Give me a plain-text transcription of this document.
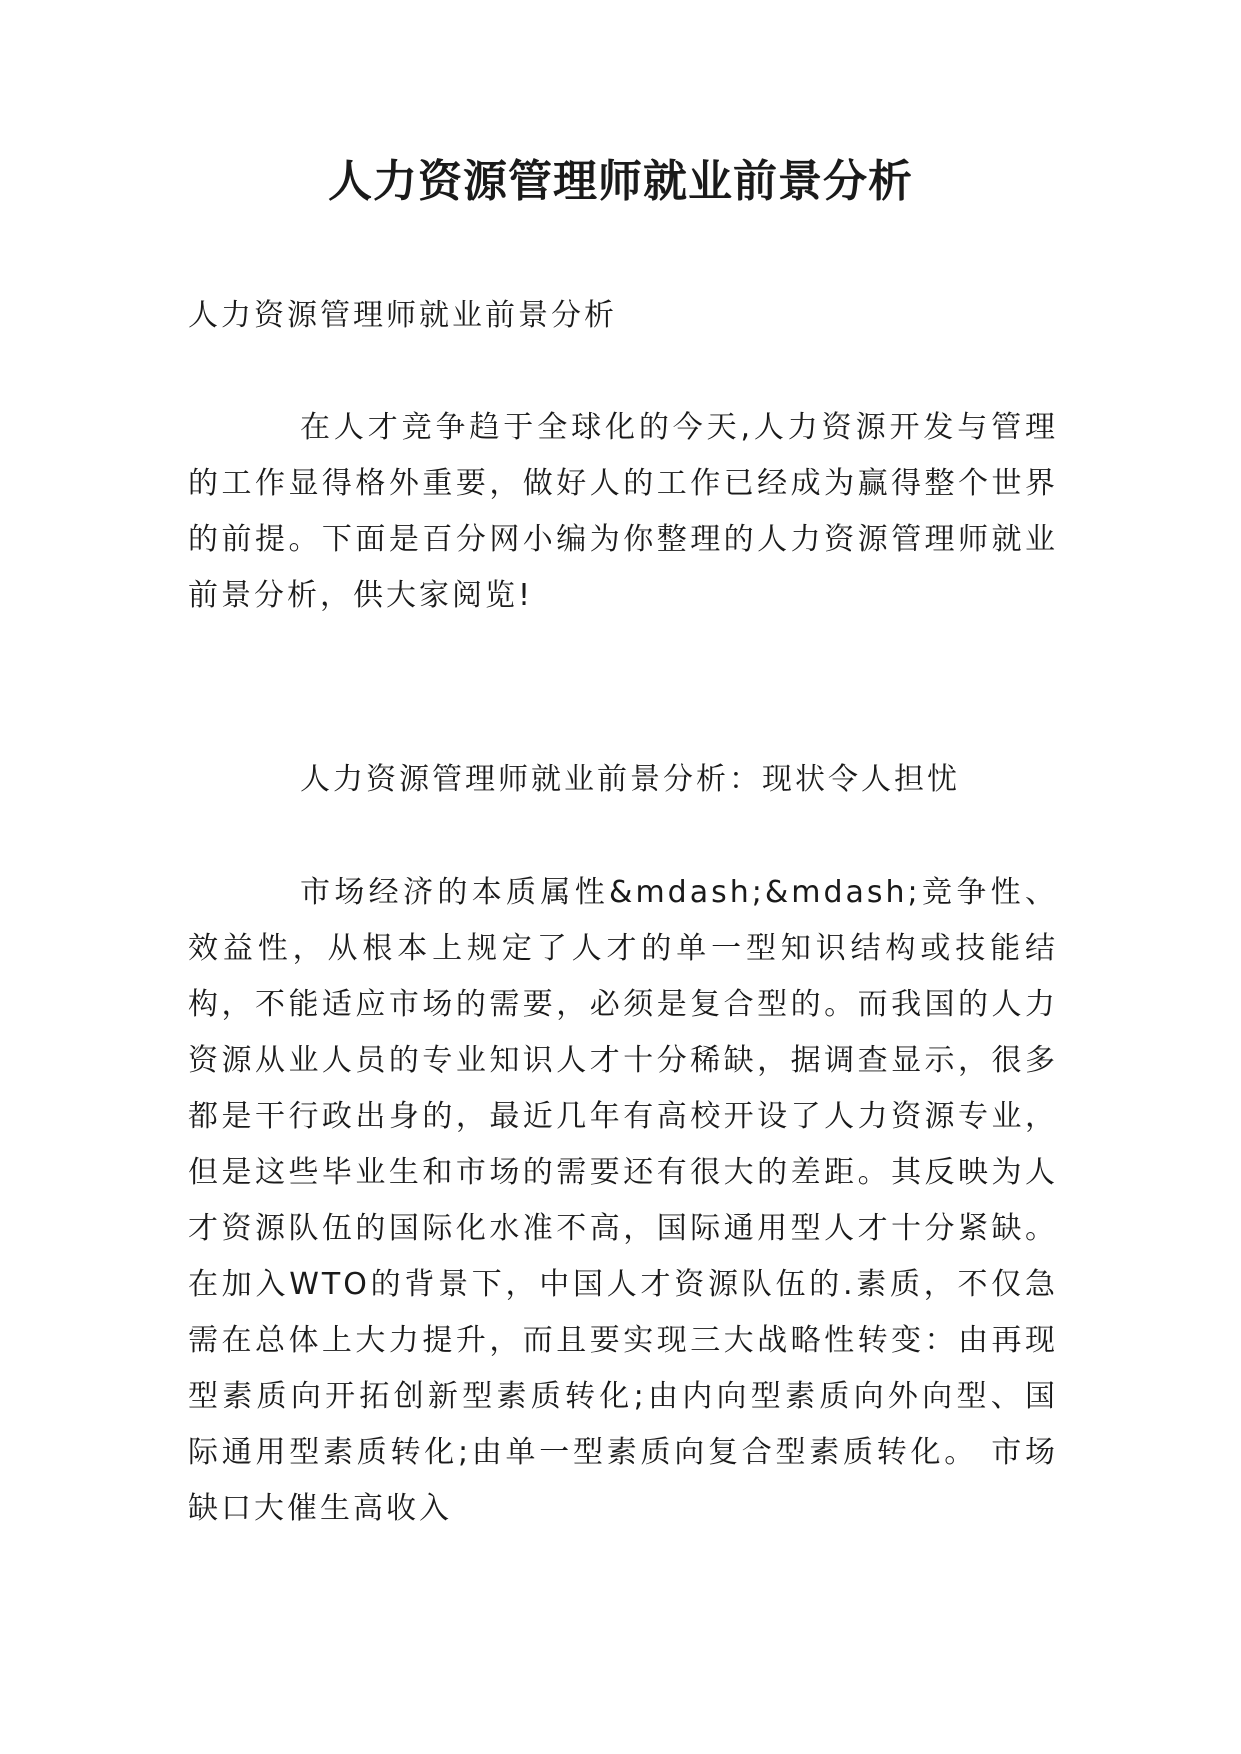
人力资源管理师就业前景分析

人力资源管理师就业前景分析

在人才竞争趋于全球化的今天,人力资源开发与管理的工作显得格外重要，做好人的工作已经成为赢得整个世界的前提。下面是百分网小编为你整理的人力资源管理师就业前景分析，供大家阅览!

人力资源管理师就业前景分析：现状令人担忧

市场经济的本质属性&mdash;&mdash;竞争性、效益性，从根本上规定了人才的单一型知识结构或技能结构，不能适应市场的需要，必须是复合型的。而我国的人力资源从业人员的专业知识人才十分稀缺，据调查显示，很多都是干行政出身的，最近几年有高校开设了人力资源专业，但是这些毕业生和市场的需要还有很大的差距。其反映为人才资源队伍的国际化水准不高，国际通用型人才十分紧缺。在加入WTO的背景下，中国人才资源队伍的.素质，不仅急需在总体上大力提升，而且要实现三大战略性转变：由再现型素质向开拓创新型素质转化;由内向型素质向外向型、国际通用型素质转化;由单一型素质向复合型素质转化。 市场缺口大催生高收入
